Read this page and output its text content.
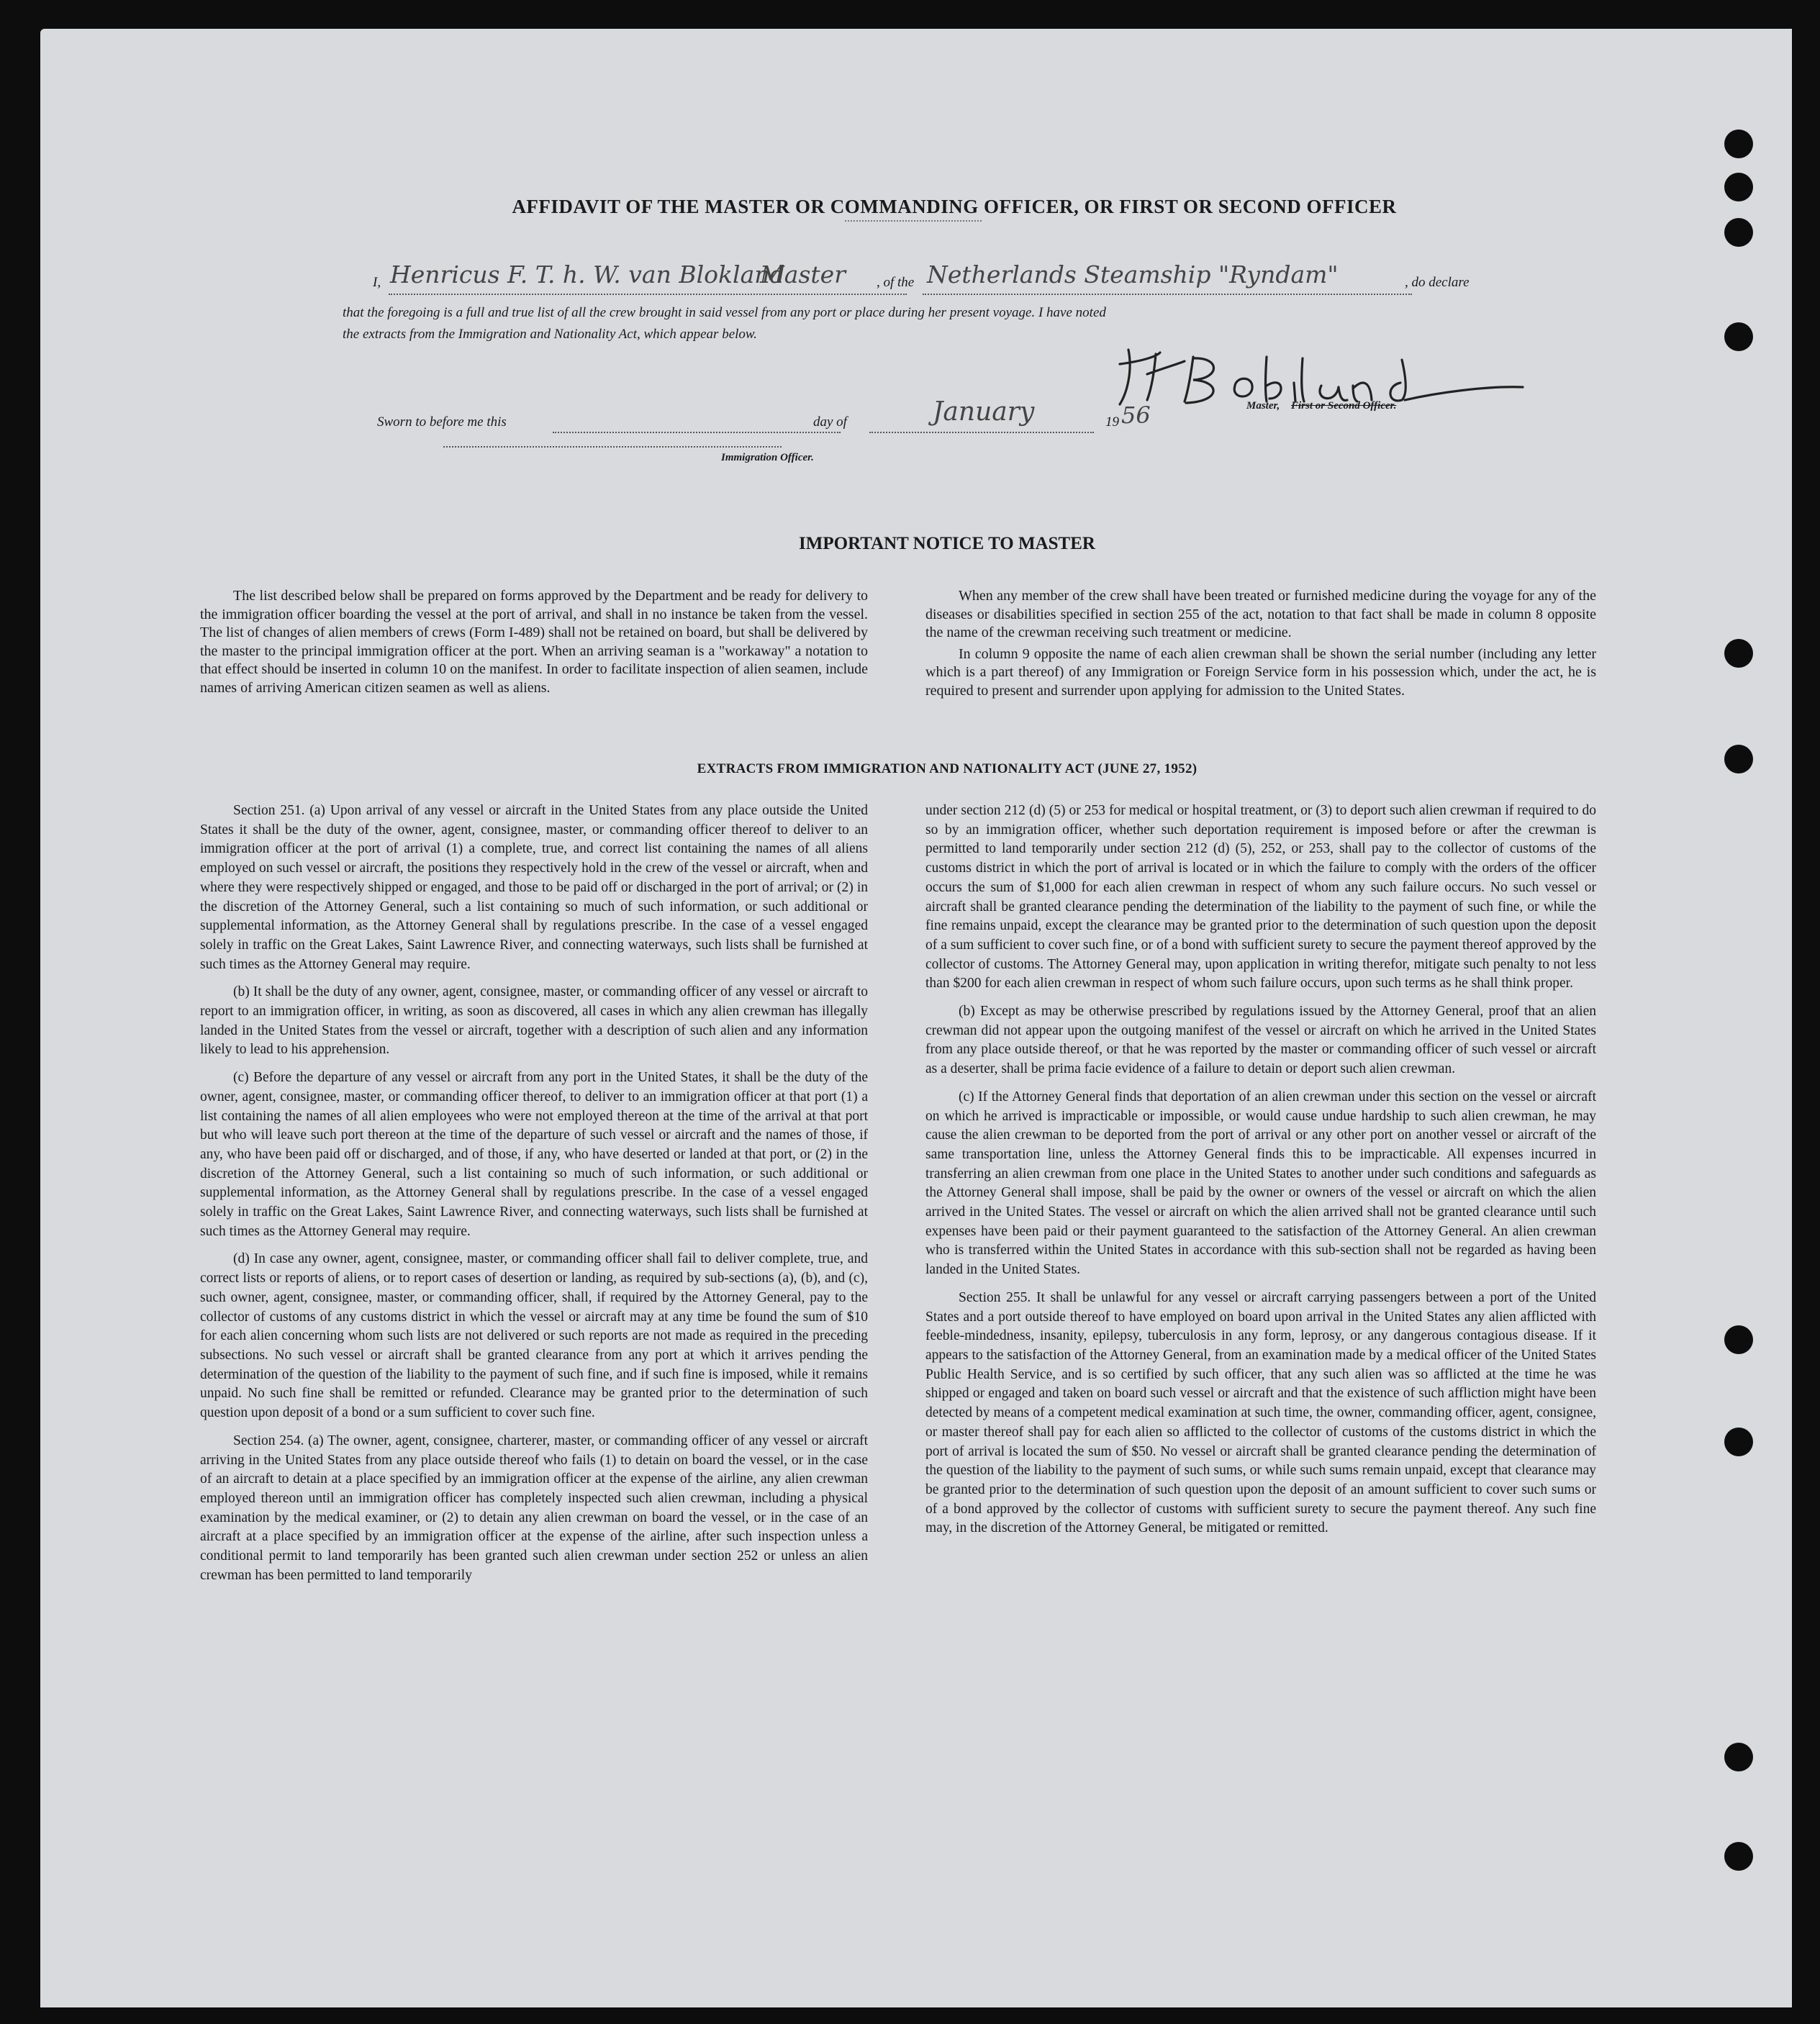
AFFIDAVIT OF THE MASTER OR COMMANDING OFFICER, OR FIRST OR SECOND OFFICER
I, Henricus F. T. h. W. van Blokland
Master , of the Netherlands Steamship "Ryndam"	, do declare
that the foregoing is a full and true list of all the crew brought in said vessel from any port or place during her present voyage. I have noted
the extracts from the Immigration and Nationality Act, which appear below.
Master, First or Second Officer.
Sworn to before me this	day of	January	19 56
Immigration Officer.
IMPORTANT NOTICE TO MASTER

The list described below shall be prepared on forms approved by the Department and be ready for delivery to the immigration officer boarding the vessel at the port of arrival, and shall in no instance be taken from the vessel. The list of changes of alien members of crews (Form I-489) shall not be retained on board, but shall be delivered by the master to the principal immigration officer at the port. When an arriving seaman is a "workaway" a notation to that effect should be inserted in column 10 on the manifest. In order to facilitate inspection of alien seamen, include names of arriving American citizen seamen as well as aliens.

When any member of the crew shall have been treated or furnished medicine during the voyage for any of the diseases or disabilities specified in section 255 of the act, notation to that fact shall be made in column 8 opposite the name of the crewman receiving such treatment or medicine.

In column 9 opposite the name of each alien crewman shall be shown the serial number (including any letter which is a part thereof) of any Immigration or Foreign Service form in his possession which, under the act, he is required to present and surrender upon applying for admission to the United States.

EXTRACTS FROM IMMIGRATION AND NATIONALITY ACT (JUNE 27, 1952)

Section 251. (a) Upon arrival of any vessel or aircraft in the United States from any place outside the United States it shall be the duty of the owner, agent, consignee, master, or commanding officer thereof to deliver to an immigration officer at the port of arrival (1) a complete, true, and correct list containing the names of all aliens employed on such vessel or aircraft, the positions they respectively hold in the crew of the vessel or aircraft, when and where they were respectively shipped or engaged, and those to be paid off or discharged in the port of arrival; or (2) in the discretion of the Attorney General, such a list containing so much of such information, or such additional or supplemental information, as the Attorney General shall by regulations prescribe. In the case of a vessel engaged solely in traffic on the Great Lakes, Saint Lawrence River, and connecting waterways, such lists shall be furnished at such times as the Attorney General may require.

(b) It shall be the duty of any owner, agent, consignee, master, or commanding officer of any vessel or aircraft to report to an immigration officer, in writing, as soon as discovered, all cases in which any alien crewman has illegally landed in the United States from the vessel or aircraft, together with a description of such alien and any information likely to lead to his apprehension.

(c) Before the departure of any vessel or aircraft from any port in the United States, it shall be the duty of the owner, agent, consignee, master, or commanding officer thereof, to deliver to an immigration officer at that port (1) a list containing the names of all alien employees who were not employed thereon at the time of the arrival at that port but who will leave such port thereon at the time of the departure of such vessel or aircraft and the names of those, if any, who have been paid off or discharged, and of those, if any, who have deserted or landed at that port, or (2) in the discretion of the Attorney General, such a list containing so much of such information, or such additional or supplemental information, as the Attorney General shall by regulations prescribe. In the case of a vessel engaged solely in traffic on the Great Lakes, Saint Lawrence River, and connecting waterways, such lists shall be furnished at such times as the Attorney General may require.

(d) In case any owner, agent, consignee, master, or commanding officer shall fail to deliver complete, true, and correct lists or reports of aliens, or to report cases of desertion or landing, as required by sub-sections (a), (b), and (c), such owner, agent, consignee, master, or commanding officer, shall, if required by the Attorney General, pay to the collector of customs of any customs district in which the vessel or aircraft may at any time be found the sum of $10 for each alien concerning whom such lists are not delivered or such reports are not made as required in the preceding subsections. No such vessel or aircraft shall be granted clearance from any port at which it arrives pending the determination of the question of the liability to the payment of such fine, and if such fine is imposed, while it remains unpaid. No such fine shall be remitted or refunded. Clearance may be granted prior to the determination of such question upon deposit of a bond or a sum sufficient to cover such fine.

Section 254. (a) The owner, agent, consignee, charterer, master, or commanding officer of any vessel or aircraft arriving in the United States from any place outside thereof who fails (1) to detain on board the vessel, or in the case of an aircraft to detain at a place specified by an immigration officer at the expense of the airline, any alien crewman employed thereon until an immigration officer has completely inspected such alien crewman, including a physical examination by the medical examiner, or (2) to detain any alien crewman on board the vessel, or in the case of an aircraft at a place specified by an immigration officer at the expense of the airline, after such inspection unless a conditional permit to land temporarily has been granted such alien crewman under section 252 or unless an alien crewman has been permitted to land temporarily

under section 212 (d) (5) or 253 for medical or hospital treatment, or (3) to deport such alien crewman if required to do so by an immigration officer, whether such deportation requirement is imposed before or after the crewman is permitted to land temporarily under section 212 (d) (5), 252, or 253, shall pay to the collector of customs of the customs district in which the port of arrival is located or in which the failure to comply with the orders of the officer occurs the sum of $1,000 for each alien crewman in respect of whom any such failure occurs. No such vessel or aircraft shall be granted clearance pending the determination of the liability to the payment of such fine, or while the fine remains unpaid, except the clearance may be granted prior to the determination of such question upon the deposit of a sum sufficient to cover such fine, or of a bond with sufficient surety to secure the payment thereof approved by the collector of customs. The Attorney General may, upon application in writing therefor, mitigate such penalty to not less than $200 for each alien crewman in respect of whom such failure occurs, upon such terms as he shall think proper.

(b) Except as may be otherwise prescribed by regulations issued by the Attorney General, proof that an alien crewman did not appear upon the outgoing manifest of the vessel or aircraft on which he arrived in the United States from any place outside thereof, or that he was reported by the master or commanding officer of such vessel or aircraft as a deserter, shall be prima facie evidence of a failure to detain or deport such alien crewman.

(c) If the Attorney General finds that deportation of an alien crewman under this section on the vessel or aircraft on which he arrived is impracticable or impossible, or would cause undue hardship to such alien crewman, he may cause the alien crewman to be deported from the port of arrival or any other port on another vessel or aircraft of the same transportation line, unless the Attorney General finds this to be impracticable. All expenses incurred in transferring an alien crewman from one place in the United States to another under such conditions and safeguards as the Attorney General shall impose, shall be paid by the owner or owners of the vessel or aircraft on which the alien arrived in the United States. The vessel or aircraft on which the alien arrived shall not be granted clearance until such expenses have been paid or their payment guaranteed to the satisfaction of the Attorney General. An alien crewman who is transferred within the United States in accordance with this sub-section shall not be regarded as having been landed in the United States.

Section 255. It shall be unlawful for any vessel or aircraft carrying passengers between a port of the United States and a port outside thereof to have employed on board upon arrival in the United States any alien afflicted with feeble-mindedness, insanity, epilepsy, tuberculosis in any form, leprosy, or any dangerous contagious disease. If it appears to the satisfaction of the Attorney General, from an examination made by a medical officer of the United States Public Health Service, and is so certified by such officer, that any such alien was so afflicted at the time he was shipped or engaged and taken on board such vessel or aircraft and that the existence of such affliction might have been detected by means of a competent medical examination at such time, the owner, commanding officer, agent, consignee, or master thereof shall pay for each alien so afflicted to the collector of customs of the customs district in which the port of arrival is located the sum of $50. No vessel or aircraft shall be granted clearance pending the determination of the question of the liability to the payment of such sums, or while such sums remain unpaid, except that clearance may be granted prior to the determination of such question upon the deposit of an amount sufficient to cover such sums or of a bond approved by the collector of customs with sufficient surety to secure the payment thereof. Any such fine may, in the discretion of the Attorney General, be mitigated or remitted.
